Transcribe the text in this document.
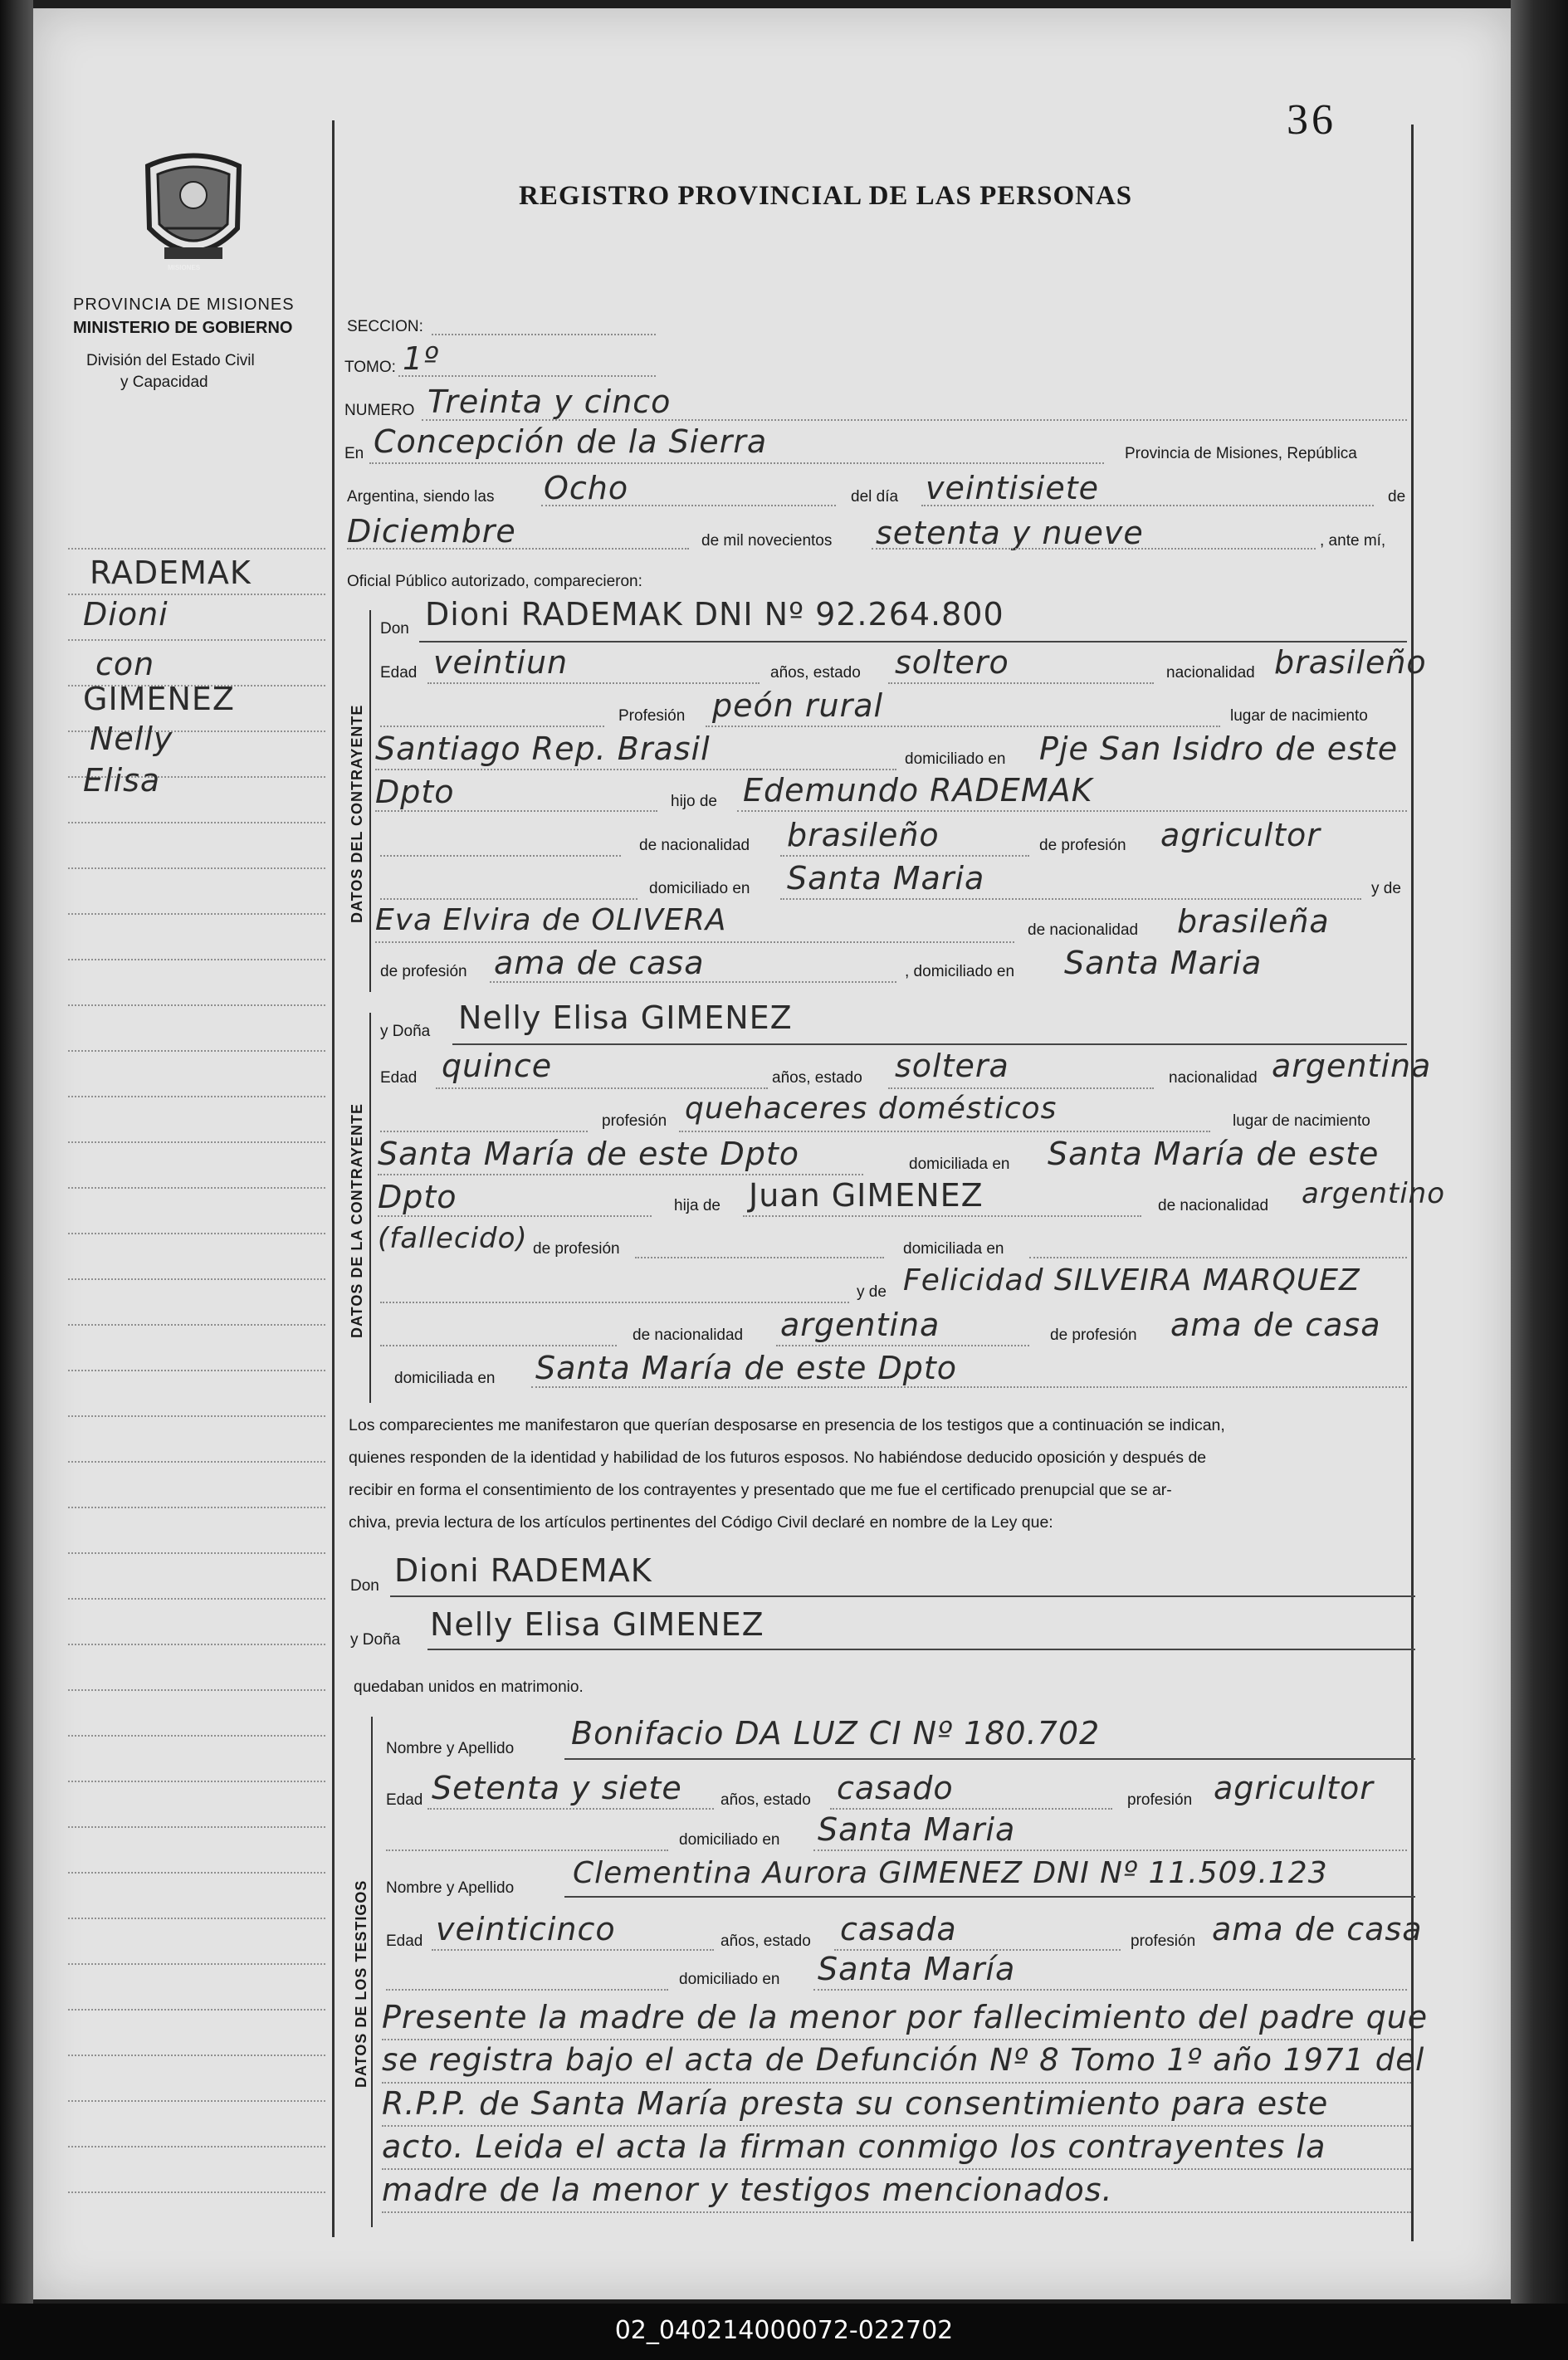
36
MISIONES
PROVINCIA DE MISIONES
MINISTERIO DE GOBIERNO
División del Estado Civil
y Capacidad
REGISTRO PROVINCIAL DE LAS PERSONAS
RADEMAK
Dioni
con
GIMENEZ
Nelly
Elisa
SECCION:
TOMO: 1º
NUMERO Treinta y cinco
En Concepción de la Sierra	Provincia de Misiones, República
Argentina, siendo las Ocho	del día veintisiete	de
Diciembre	de mil novecientos setenta y nueve	, ante mí,
Oficial Público autorizado, comparecieron:
DATOS DEL CONTRAYENTE
Don Dioni RADEMAK DNI Nº 92.264.800
Edad veintiun	años, estado soltero	nacionalidad brasileño
Profesión peón rural	lugar de nacimiento
Santiago Rep. Brasil	domiciliado en Pje San Isidro de este
Dpto	hijo de Edemundo RADEMAK
de nacionalidad brasileño	de profesión agricultor
domiciliado en Santa Maria	y de
Eva Elvira de OLIVERA	de nacionalidad brasileña
de profesión ama de casa	, domiciliado en Santa Maria
DATOS DE LA CONTRAYENTE
y Doña Nelly Elisa GIMENEZ
Edad quince	años, estado soltera	nacionalidad argentina
profesión quehaceres domésticos	lugar de nacimiento
Santa María de este Dpto	domiciliada en Santa María de este
Dpto	hija de Juan GIMENEZ	de nacionalidad argentino
(fallecido) de profesión	domiciliada en
y de Felicidad SILVEIRA MARQUEZ
de nacionalidad argentina	de profesión ama de casa
domiciliada en Santa María de este Dpto
Los comparecientes me manifestaron que querían desposarse en presencia de los testigos que a continuación se indican,
quienes responden de la identidad y habilidad de los futuros esposos. No habiéndose deducido oposición y después de
recibir en forma el consentimiento de los contrayentes y presentado que me fue el certificado prenupcial que se ar-
chiva, previa lectura de los artículos pertinentes del Código Civil declaré en nombre de la Ley que:
Don Dioni RADEMAK
y Doña Nelly Elisa GIMENEZ
quedaban unidos en matrimonio.
DATOS DE LOS TESTIGOS
Nombre y Apellido Bonifacio DA LUZ CI Nº 180.702
Edad Setenta y siete años, estado casado	profesión agricultor
domiciliado en Santa Maria
Nombre y Apellido Clementina Aurora GIMENEZ DNI Nº 11.509.123
Edad veinticinco	años, estado casada	profesión ama de casa
domiciliado en Santa María
Presente la madre de la menor por fallecimiento del padre que
se registra bajo el acta de Defunción Nº 8 Tomo 1º año 1971 del
R.P.P. de Santa María presta su consentimiento para este
acto. Leida el acta la firman conmigo los contrayentes la
madre de la menor y testigos mencionados.
02_040214000072-022702
